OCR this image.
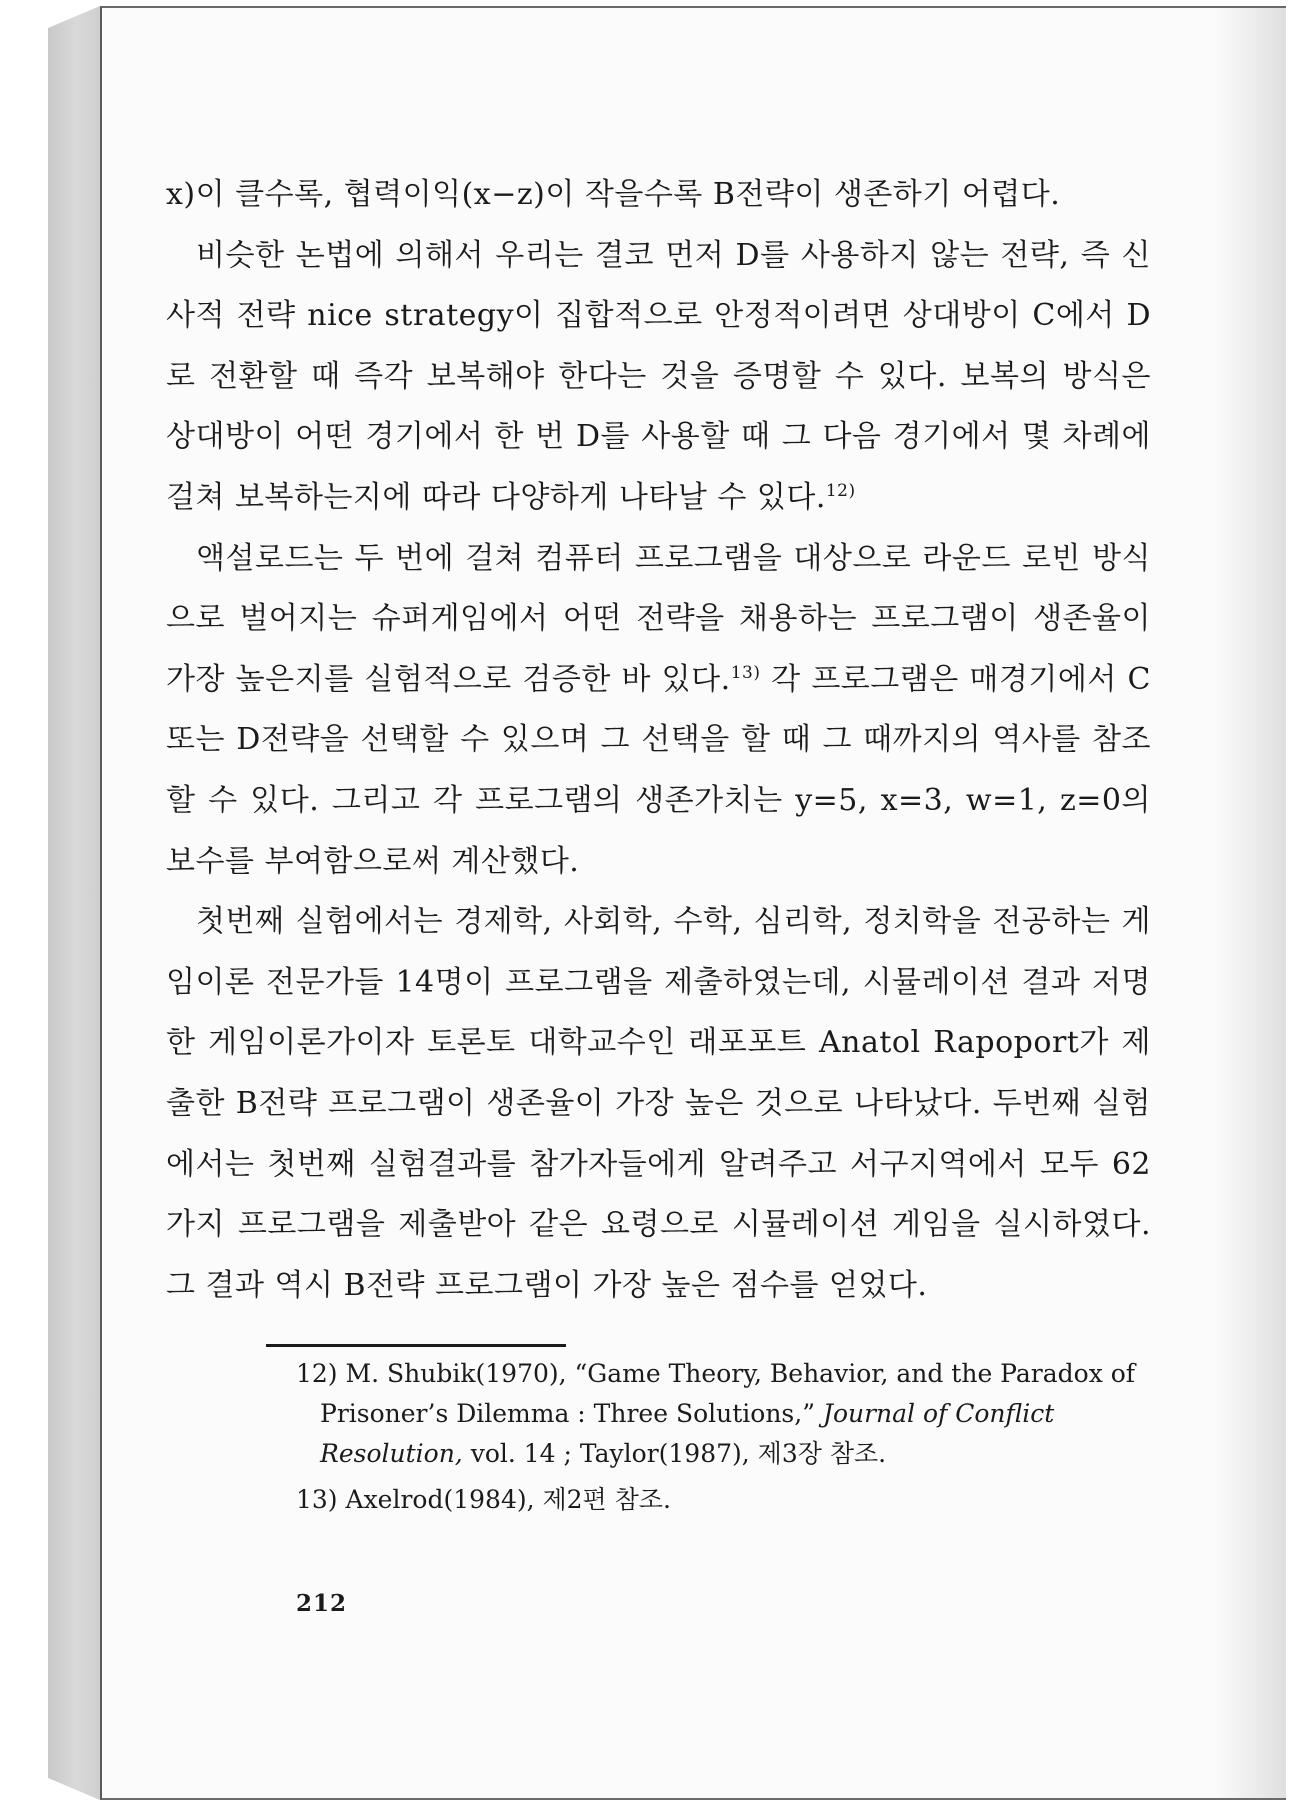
x)이 클수록, 협력이익(x−z)이 작을수록 B전략이 생존하기 어렵다.

비슷한 논법에 의해서 우리는 결코 먼저 D를 사용하지 않는 전략, 즉 신사적 전략 nice strategy이 집합적으로 안정적이려면 상대방이 C에서 D로 전환할 때 즉각 보복해야 한다는 것을 증명할 수 있다. 보복의 방식은 상대방이 어떤 경기에서 한 번 D를 사용할 때 그 다음 경기에서 몇 차례에 걸쳐 보복하는지에 따라 다양하게 나타날 수 있다.$^{12)}$

액설로드는 두 번에 걸쳐 컴퓨터 프로그램을 대상으로 라운드 로빈 방식으로 벌어지는 슈퍼게임에서 어떤 전략을 채용하는 프로그램이 생존율이 가장 높은지를 실험적으로 검증한 바 있다.$^{13)}$ 각 프로그램은 매경기에서 C 또는 D전략을 선택할 수 있으며 그 선택을 할 때 그 때까지의 역사를 참조할 수 있다. 그리고 각 프로그램의 생존가치는 y=5, x=3, w=1, z=0의 보수를 부여함으로써 계산했다.

첫번째 실험에서는 경제학, 사회학, 수학, 심리학, 정치학을 전공하는 게임이론 전문가들 14명이 프로그램을 제출하였는데, 시뮬레이션 결과 저명한 게임이론가이자 토론토 대학교수인 래포포트 Anatol Rapoport가 제출한 B전략 프로그램이 생존율이 가장 높은 것으로 나타났다. 두번째 실험에서는 첫번째 실험결과를 참가자들에게 알려주고 서구지역에서 모두 62가지 프로그램을 제출받아 같은 요령으로 시뮬레이션 게임을 실시하였다. 그 결과 역시 B전략 프로그램이 가장 높은 점수를 얻었다.

12) M. Shubik(1970), “Game Theory, Behavior, and the Paradox of Prisoner’s Dilemma : Three Solutions,” Journal of Conflict Resolution, vol. 14 ; Taylor(1987), 제3장 참조.

13) Axelrod(1984), 제2편 참조.

212
